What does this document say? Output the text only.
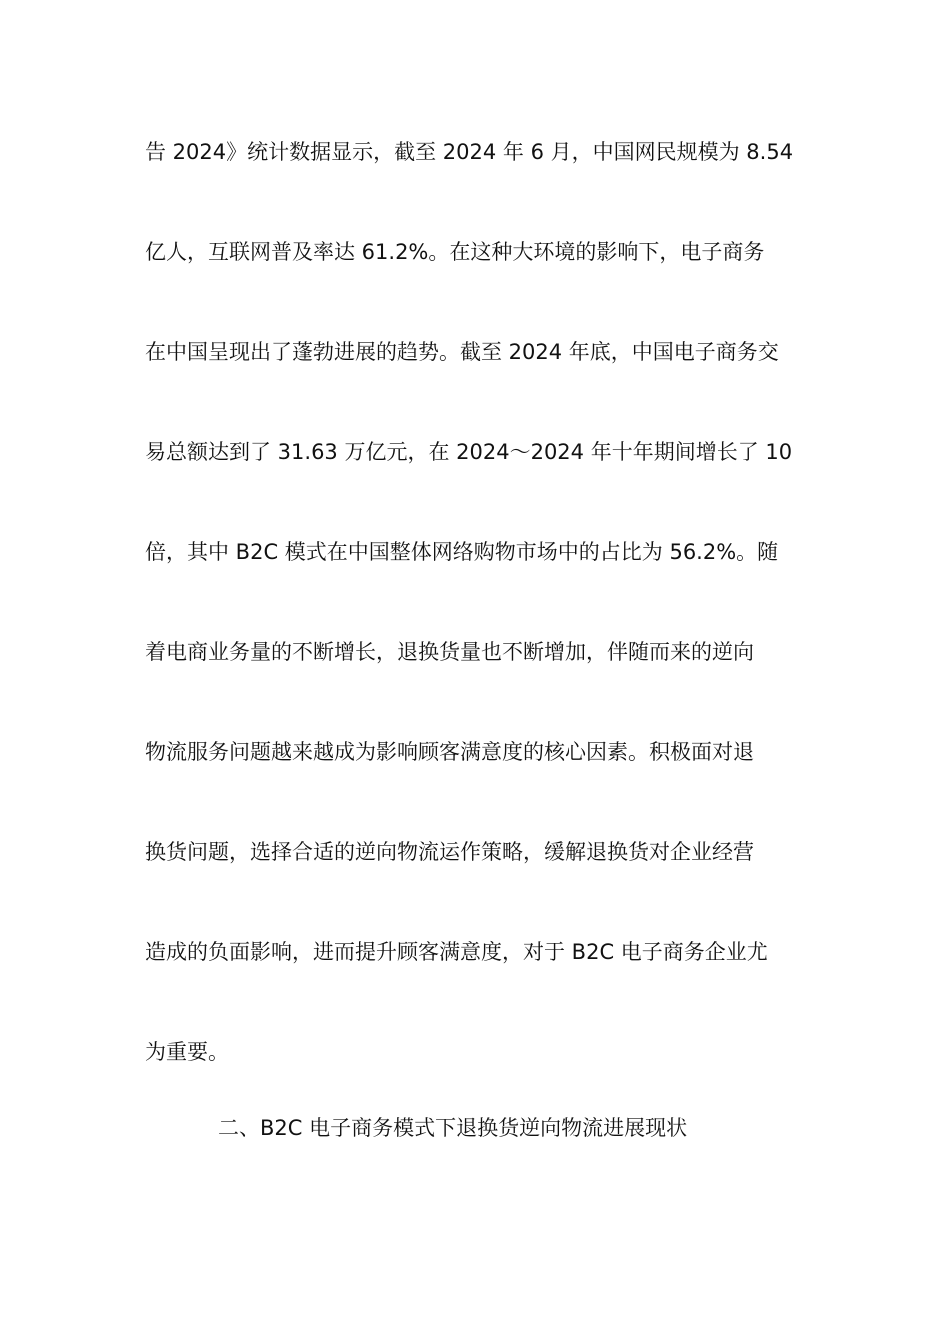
告 2024》统计数据显示，截至 2024 年 6 月，中国网民规模为 8.54
亿人，互联网普及率达 61.2%。在这种大环境的影响下，电子商务
在中国呈现出了蓬勃进展的趋势。截至 2024 年底，中国电子商务交
易总额达到了 31.63 万亿元，在 2024～2024 年十年期间增长了 10
倍，其中 B2C 模式在中国整体网络购物市场中的占比为 56.2%。随
着电商业务量的不断增长，退换货量也不断增加，伴随而来的逆向
物流服务问题越来越成为影响顾客满意度的核心因素。积极面对退
换货问题，选择合适的逆向物流运作策略，缓解退换货对企业经营
造成的负面影响，进而提升顾客满意度，对于 B2C 电子商务企业尤
为重要。
二、B2C 电子商务模式下退换货逆向物流进展现状
